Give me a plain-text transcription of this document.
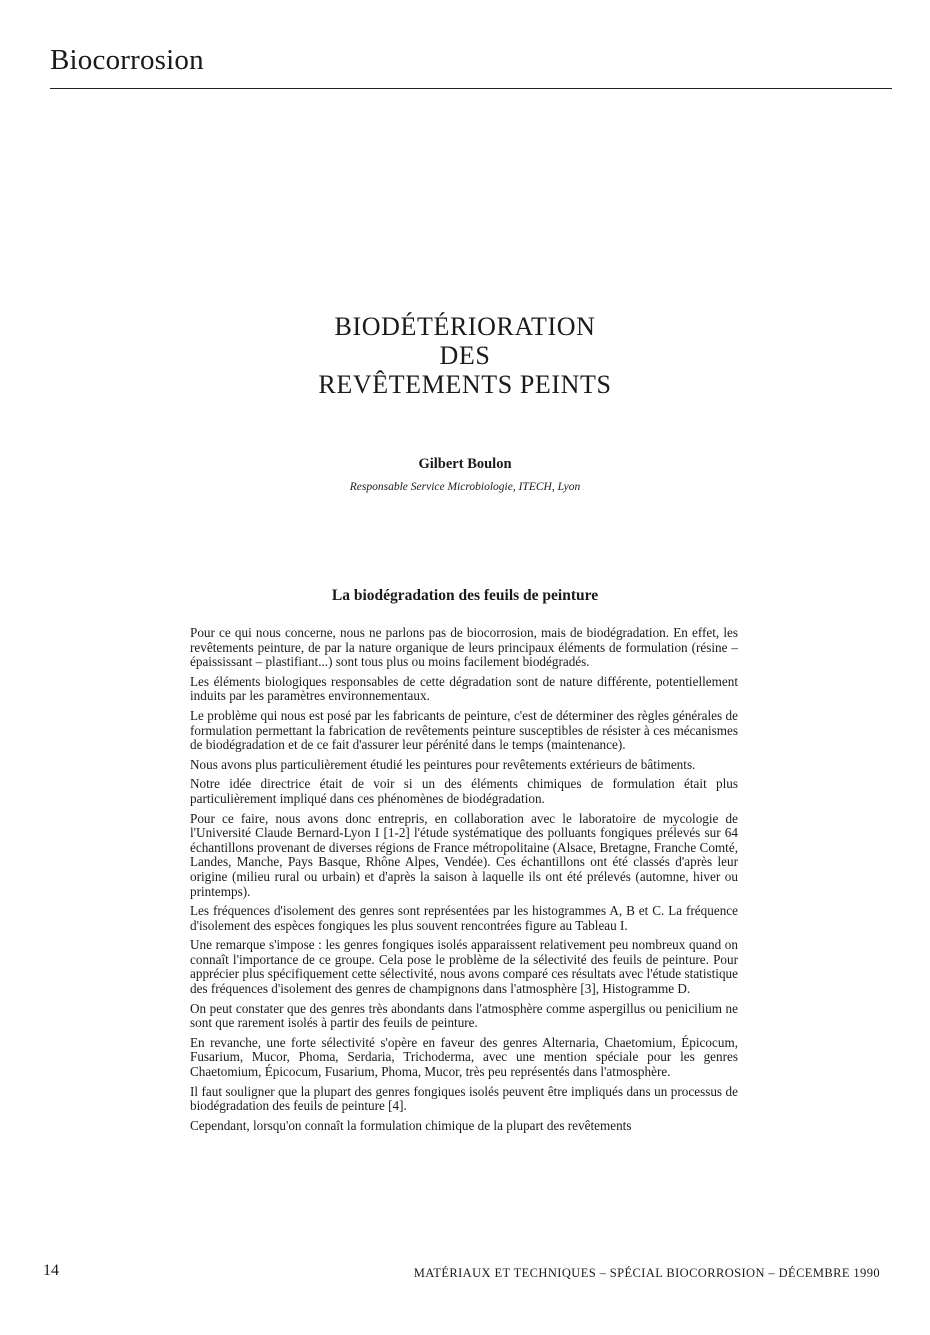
Biocorrosion
BIODÉTÉRIORATION
DES
REVÊTEMENTS PEINTS
Gilbert Boulon
Responsable Service Microbiologie, ITECH, Lyon
La biodégradation des feuils de peinture

Pour ce qui nous concerne, nous ne parlons pas de biocorrosion, mais de biodégradation. En effet, les revêtements peinture, de par la nature organique de leurs principaux éléments de formulation (résine – épaississant – plastifiant...) sont tous plus ou moins facilement biodégradés.

Les éléments biologiques responsables de cette dégradation sont de nature différente, potentiellement induits par les paramètres environnementaux.

Le problème qui nous est posé par les fabricants de peinture, c'est de déterminer des règles générales de formulation permettant la fabrication de revêtements peinture susceptibles de résister à ces mécanismes de biodégradation et de ce fait d'assurer leur pérénité dans le temps (maintenance).

Nous avons plus particulièrement étudié les peintures pour revêtements extérieurs de bâtiments.

Notre idée directrice était de voir si un des éléments chimiques de formulation était plus particulièrement impliqué dans ces phénomènes de biodégradation.

Pour ce faire, nous avons donc entrepris, en collaboration avec le laboratoire de mycologie de l'Université Claude Bernard-Lyon I [1-2] l'étude systématique des polluants fongiques prélevés sur 64 échantillons provenant de diverses régions de France métropolitaine (Alsace, Bretagne, Franche Comté, Landes, Manche, Pays Basque, Rhône Alpes, Vendée). Ces échantillons ont été classés d'après leur origine (milieu rural ou urbain) et d'après la saison à laquelle ils ont été prélevés (automne, hiver ou printemps).

Les fréquences d'isolement des genres sont représentées par les histogrammes A, B et C. La fréquence d'isolement des espèces fongiques les plus souvent rencontrées figure au Tableau I.

Une remarque s'impose : les genres fongiques isolés apparaissent relativement peu nombreux quand on connaît l'importance de ce groupe. Cela pose le problème de la sélectivité des feuils de peinture. Pour apprécier plus spécifiquement cette sélectivité, nous avons comparé ces résultats avec l'étude statistique des fréquences d'isolement des genres de champignons dans l'atmosphère [3], Histogramme D.

On peut constater que des genres très abondants dans l'atmosphère comme aspergillus ou penicilium ne sont que rarement isolés à partir des feuils de peinture.

En revanche, une forte sélectivité s'opère en faveur des genres Alternaria, Chaetomium, Épicocum, Fusarium, Mucor, Phoma, Serdaria, Trichoderma, avec une mention spéciale pour les genres Chaetomium, Épicocum, Fusarium, Phoma, Mucor, très peu représentés dans l'atmosphère.

Il faut souligner que la plupart des genres fongiques isolés peuvent être impliqués dans un processus de biodégradation des feuils de peinture [4].

Cependant, lorsqu'on connaît la formulation chimique de la plupart des revêtements

14	MATÉRIAUX ET TECHNIQUES – SPÉCIAL BIOCORROSION – DÉCEMBRE 1990
